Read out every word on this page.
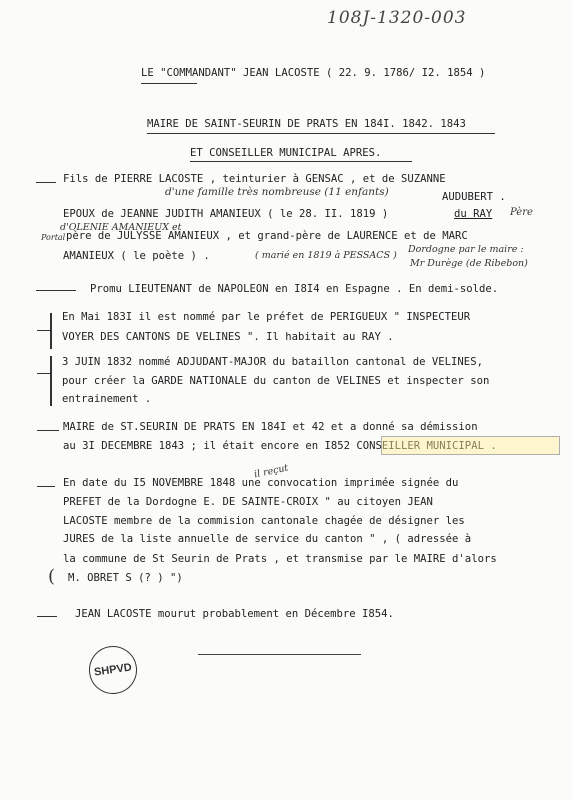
108J-1320-003
LE "COMMANDANT" JEAN LACOSTE ( 22. 9. 1786/ I2. 1854 )
MAIRE DE SAINT-SEURIN DE PRATS EN 184I. 1842. 1843
ET CONSEILLER MUNICIPAL APRES.
Fils de PIERRE LACOSTE , teinturier à GENSAC , et de SUZANNE
d'une famille très nombreuse (11 enfants)	AUDUBERT .
EPOUX de JEANNE JUDITH AMANIEUX ( le 28. II. 1819 )	du RAY Père
d'OLENIE AMANIEUX et
Portal père de JULYSSE AMANIEUX , et grand-père de LAURENCE et de MARC
AMANIEUX ( le poète ) .	( marié en 1819 à PESSACS )
Dordogne par le maire :
Mr Durège (de Ribebon)
Promu LIEUTENANT de NAPOLEON en I8I4 en Espagne . En demi-solde.
En Mai 183I il est nommé par le préfet de PERIGUEUX " INSPECTEUR
VOYER DES CANTONS DE VELINES ". Il habitait au RAY .
3 JUIN 1832 nommé ADJUDANT-MAJOR du bataillon cantonal de VELINES,
pour créer la GARDE NATIONALE du canton de VELINES et inspecter son
entrainement .
MAIRE de ST.SEURIN DE PRATS EN 184I et 42 et a donné sa démission
au 3I DECEMBRE 1843 ; il était encore en I852 CONSEILLER MUNICIPAL .
il reçut
En date du I5 NOVEMBRE 1848 une convocation imprimée signée du
PREFET de la Dordogne E. DE SAINTE-CROIX " au citoyen JEAN
LACOSTE membre de la commision cantonale chagée de désigner les
JURES de la liste annuelle de service du canton " , ( adressée à
la commune de St Seurin de Prats , et transmise par le MAIRE d'alors
M. OBRET S (? ) ")
(
JEAN LACOSTE mourut probablement en Décembre I854.
SHPVD
